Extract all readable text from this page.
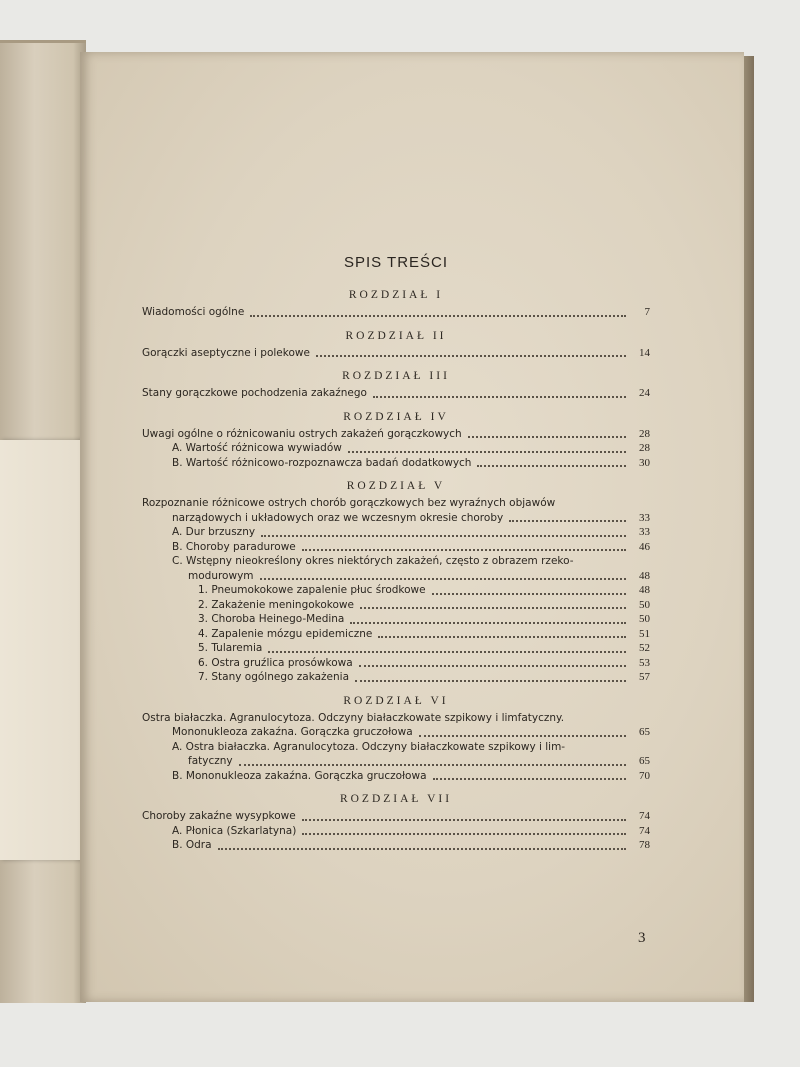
SPIS TREŚCI
ROZDZIAŁ I
Wiadomości ogólne	7
ROZDZIAŁ II
Gorączki aseptyczne i polekowe	14
ROZDZIAŁ III
Stany gorączkowe pochodzenia zakaźnego	24
ROZDZIAŁ IV
Uwagi ogólne o różnicowaniu ostrych zakażeń gorączkowych	28
A. Wartość różnicowa wywiadów	28
B. Wartość różnicowo-rozpoznawcza badań dodatkowych	30
ROZDZIAŁ V
Rozpoznanie różnicowe ostrych chorób gorączkowych bez wyraźnych objawów
narządowych i układowych oraz we wczesnym okresie choroby	33
A. Dur brzuszny	33
B. Choroby paradurowe	46
C. Wstępny nieokreślony okres niektórych zakażeń, często z obrazem rzeko-
modurowym	48
1. Pneumokokowe zapalenie płuc środkowe	48
2. Zakażenie meningokokowe	50
3. Choroba Heinego-Medina	50
4. Zapalenie mózgu epidemiczne	51
5. Tularemia	52
6. Ostra gruźlica prosówkowa	53
7. Stany ogólnego zakażenia	57
ROZDZIAŁ VI
Ostra białaczka. Agranulocytoza. Odczyny białaczkowate szpikowy i limfatyczny.
Mononukleoza zakaźna. Gorączka gruczołowa	65
A. Ostra białaczka. Agranulocytoza. Odczyny białaczkowate szpikowy i lim-
fatyczny	65
B. Mononukleoza zakaźna. Gorączka gruczołowa	70
ROZDZIAŁ VII
Choroby zakaźne wysypkowe	74
A. Płonica (Szkarlatyna)	74
B. Odra	78
3
